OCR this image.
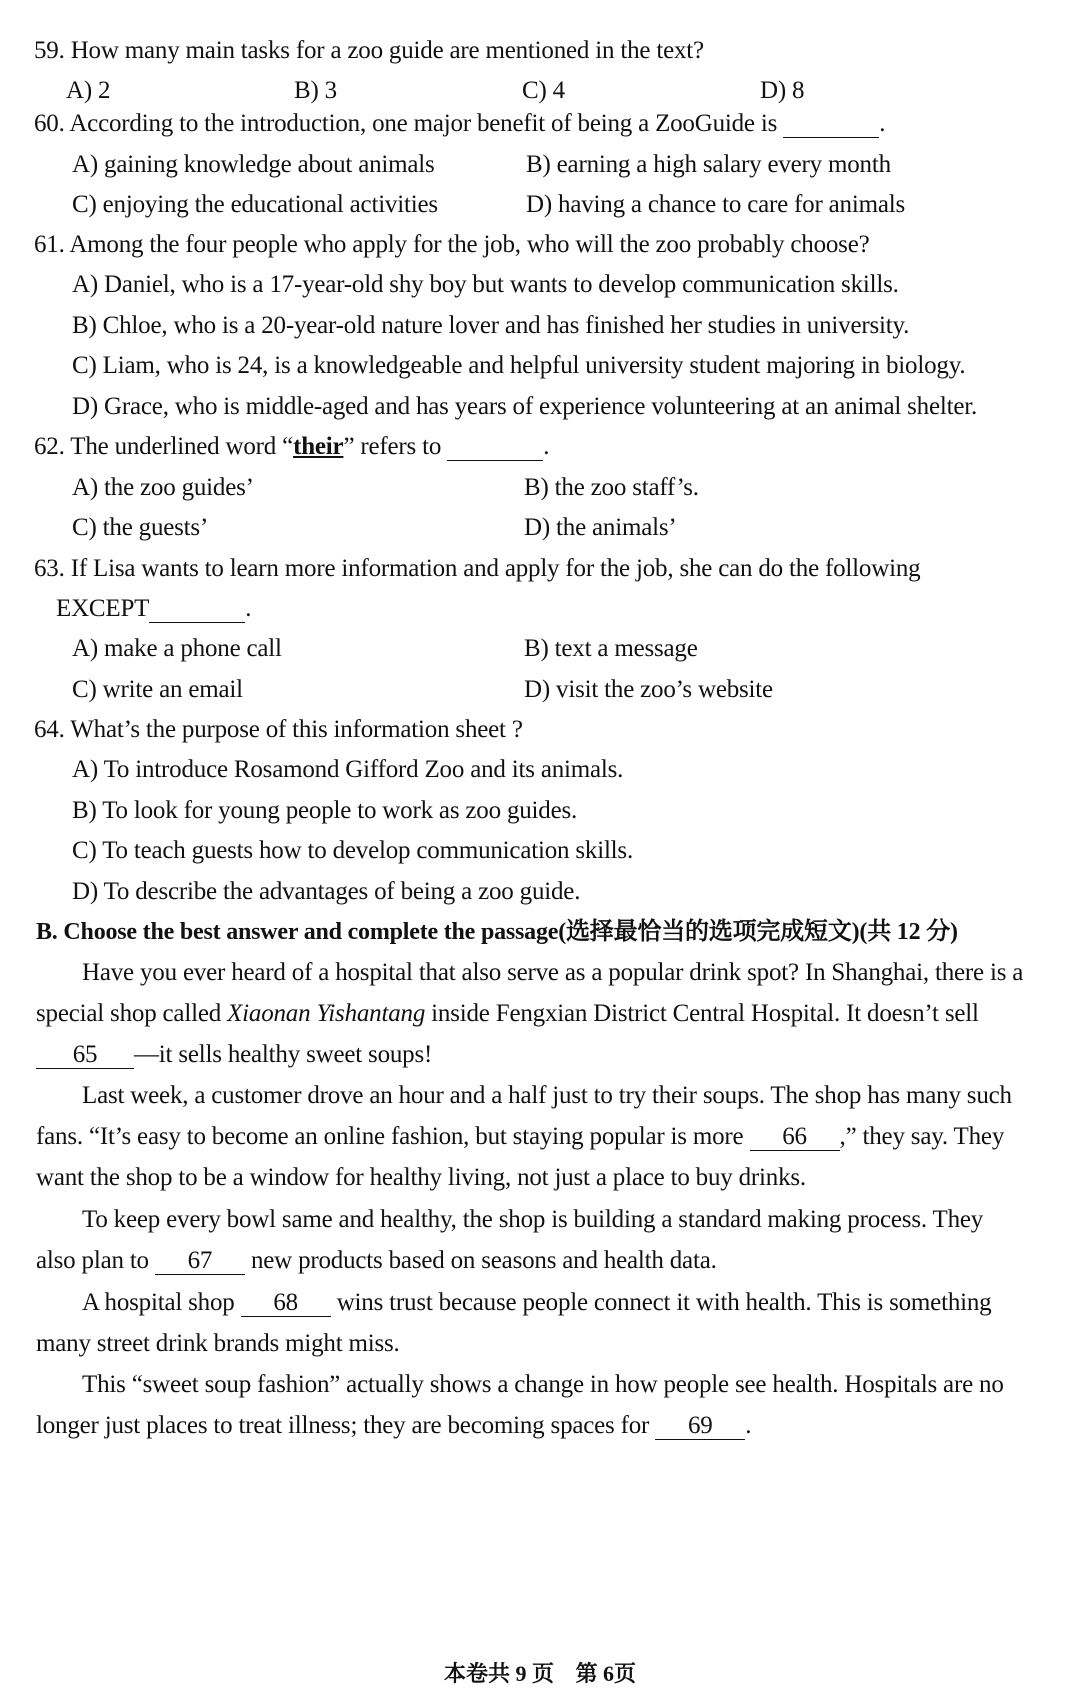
59. How many main tasks for a zoo guide are mentioned in the text?
A) 2	B) 3	C) 4	D) 8
60. According to the introduction, one major benefit of being a ZooGuide is	.
A) gaining knowledge about animals	B) earning a high salary every month
C) enjoying the educational activities	D) having a chance to care for animals
61. Among the four people who apply for the job, who will the zoo probably choose?
A) Daniel, who is a 17-year-old shy boy but wants to develop communication skills.
B) Chloe, who is a 20-year-old nature lover and has finished her studies in university.
C) Liam, who is 24, is a knowledgeable and helpful university student majoring in biology.
D) Grace, who is middle-aged and has years of experience volunteering at an animal shelter.
62. The underlined word “their” refers to	.
A) the zoo guides’	B) the zoo staff’s.
C) the guests’	D) the animals’
63. If Lisa wants to learn more information and apply for the job, she can do the following
EXCEPT	.
A) make a phone call	B) text a message
C) write an email	D) visit the zoo’s website
64. What’s the purpose of this information sheet ?
A) To introduce Rosamond Gifford Zoo and its animals.
B) To look for young people to work as zoo guides.
C) To teach guests how to develop communication skills.
D) To describe the advantages of being a zoo guide.
B. Choose the best answer and complete the passage(选择最恰当的选项完成短文)(共 12 分)
Have you ever heard of a hospital that also serve as a popular drink spot? In Shanghai, there is a
special shop called Xiaonan Yishantang inside Fengxian District Central Hospital. It doesn’t sell
65 —it sells healthy sweet soups!
Last week, a customer drove an hour and a half just to try their soups. The shop has many such
fans. “It’s easy to become an online fashion, but staying popular is more 66 ,” they say. They
want the shop to be a window for healthy living, not just a place to buy drinks.
To keep every bowl same and healthy, the shop is building a standard making process. They
also plan to 67 new products based on seasons and health data.
A hospital shop 68 wins trust because people connect it with health. This is something
many street drink brands might miss.
This “sweet soup fashion” actually shows a change in how people see health. Hospitals are no
longer just places to treat illness; they are becoming spaces for 69 .
本卷共 9 页 第 6页
